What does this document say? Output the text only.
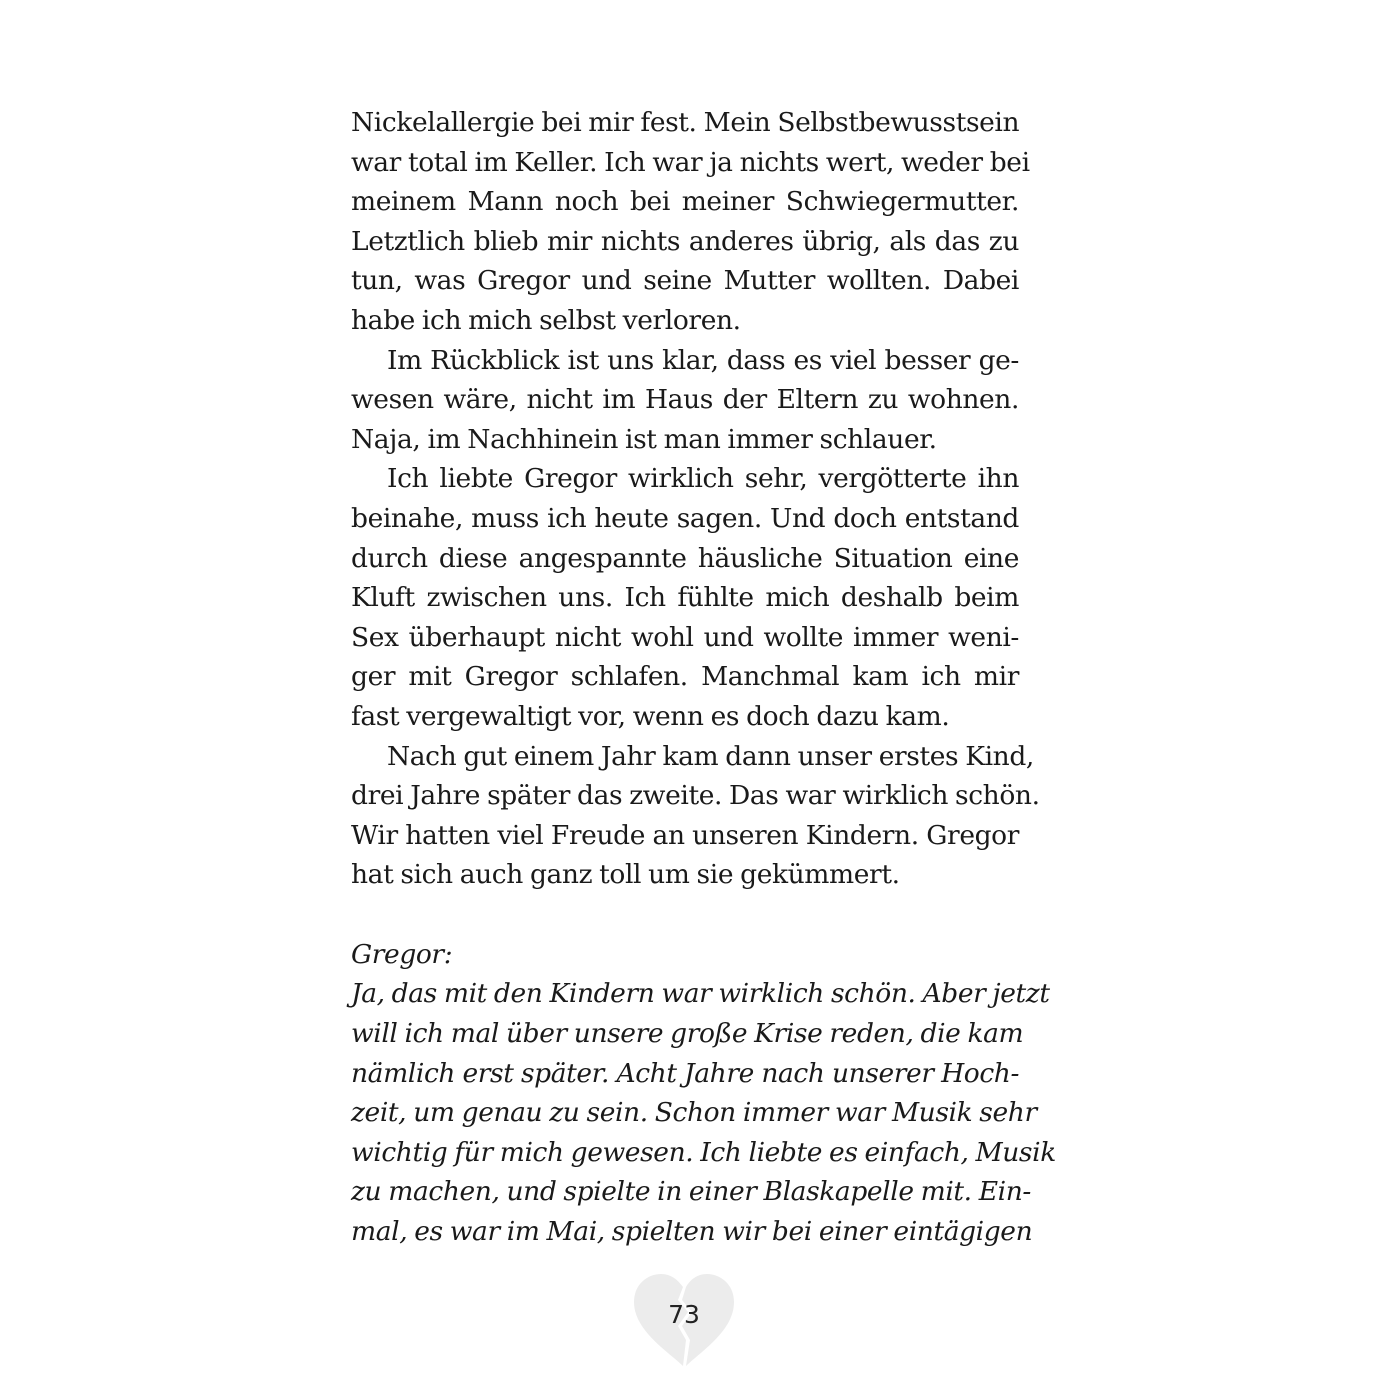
Nickelallergie bei mir fest. Mein Selbstbewusstsein
war total im Keller. Ich war ja nichts wert, weder bei
meinem Mann noch bei meiner Schwiegermutter.
Letztlich blieb mir nichts anderes übrig, als das zu
tun, was Gregor und seine Mutter wollten. Dabei
habe ich mich selbst verloren.
Im Rückblick ist uns klar, dass es viel besser ge-
wesen wäre, nicht im Haus der Eltern zu wohnen.
Naja, im Nachhinein ist man immer schlauer.
Ich liebte Gregor wirklich sehr, vergötterte ihn
beinahe, muss ich heute sagen. Und doch entstand
durch diese angespannte häusliche Situation eine
Kluft zwischen uns. Ich fühlte mich deshalb beim
Sex überhaupt nicht wohl und wollte immer weni-
ger mit Gregor schlafen. Manchmal kam ich mir
fast vergewaltigt vor, wenn es doch dazu kam.
Nach gut einem Jahr kam dann unser erstes Kind,
drei Jahre später das zweite. Das war wirklich schön.
Wir hatten viel Freude an unseren Kindern. Gregor
hat sich auch ganz toll um sie gekümmert.
Gregor:
Ja, das mit den Kindern war wirklich schön. Aber jetzt
will ich mal über unsere große Krise reden, die kam
nämlich erst später. Acht Jahre nach unserer Hoch-
zeit, um genau zu sein. Schon immer war Musik sehr
wichtig für mich gewesen. Ich liebte es einfach, Musik
zu machen, und spielte in einer Blaskapelle mit. Ein-
mal, es war im Mai, spielten wir bei einer eintägigen
73
